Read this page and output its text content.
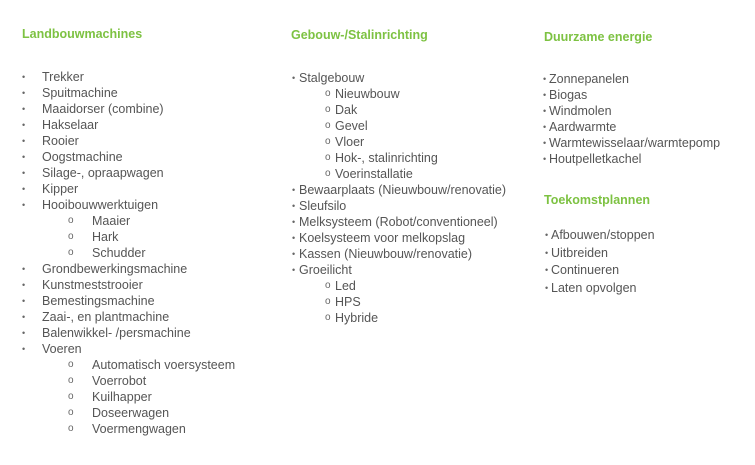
Landbouwmachines
•	Trekker
•	Spuitmachine
•	Maaidorser (combine)
•	Hakselaar
•	Rooier
•	Oogstmachine
•	Silage-, opraapwagen
•	Kipper
•	Hooibouwwerktuigen
o	Maaier
o	Hark
o	Schudder
•	Grondbewerkingsmachine
•	Kunstmeststrooier
•	Bemestingsmachine
•	Zaai-, en plantmachine
•	Balenwikkel- /persmachine
•	Voeren
o	Automatisch voersysteem
o	Voerrobot
o	Kuilhapper
o	Doseerwagen
o	Voermengwagen
Gebouw-/Stalinrichting
• Stalgebouw
o Nieuwbouw
o Dak
o Gevel
o Vloer
o Hok-, stalinrichting
o Voerinstallatie
• Bewaarplaats (Nieuwbouw/renovatie)
• Sleufsilo
• Melksysteem (Robot/conventioneel)
• Koelsysteem voor melkopslag
• Kassen (Nieuwbouw/renovatie)
• Groeilicht
o Led
o HPS
o Hybride
Duurzame energie
• Zonnepanelen
• Biogas
• Windmolen
• Aardwarmte
• Warmtewisselaar/warmtepomp
• Houtpelletkachel
Toekomstplannen
• Afbouwen/stoppen
• Uitbreiden
• Continueren
• Laten opvolgen
